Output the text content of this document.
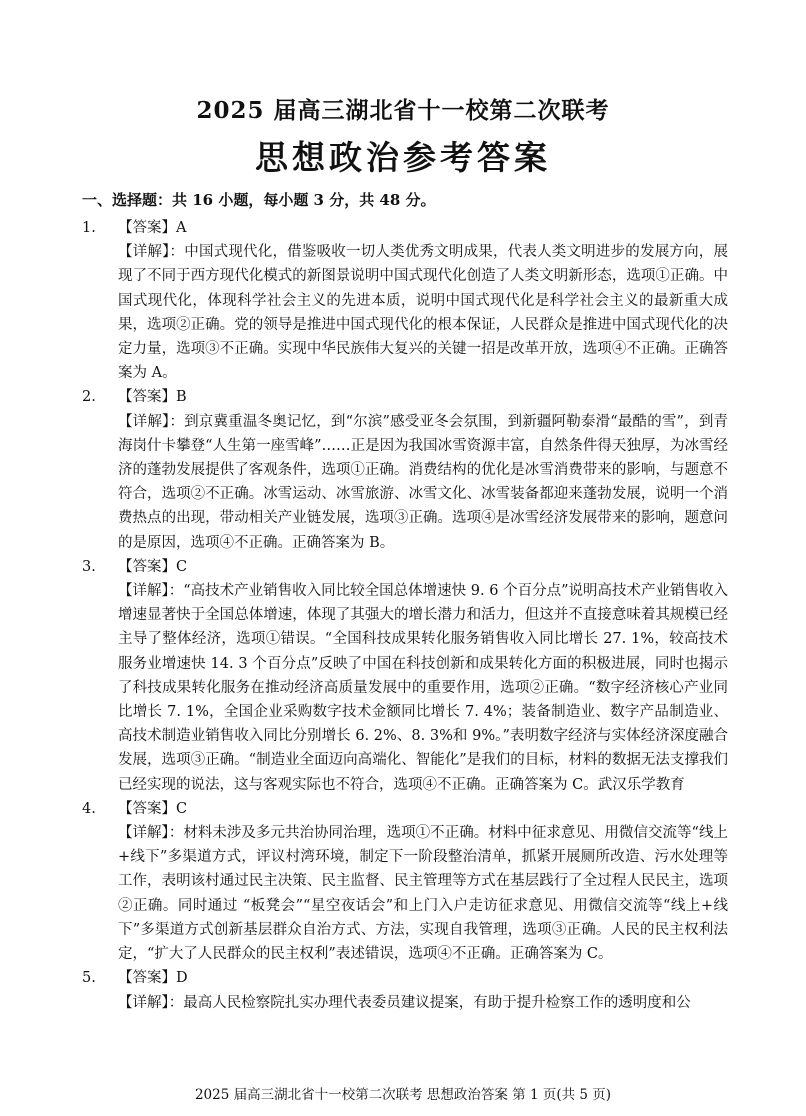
2025 届高三湖北省十一校第二次联考
思想政治参考答案
一、选择题：共 16 小题，每小题 3 分，共 48 分。
1.	【答案】A
【详解】：中国式现代化，借鉴吸收一切人类优秀文明成果，代表人类文明进步的发展方向，展现了不同于西方现代化模式的新图景说明中国式现代化创造了人类文明新形态，选项①正确。中国式现代化，体现科学社会主义的先进本质，说明中国式现代化是科学社会主义的最新重大成果，选项②正确。党的领导是推进中国式现代化的根本保证，人民群众是推进中国式现代化的决定力量，选项③不正确。实现中华民族伟大复兴的关键一招是改革开放，选项④不正确。正确答案为 A。
2.	【答案】B
【详解】：到京冀重温冬奥记忆，到“尔滨”感受亚冬会氛围，到新疆阿勒泰滑“最酷的雪”，到青海岗什卡攀登“人生第一座雪峰”……正是因为我国冰雪资源丰富，自然条件得天独厚，为冰雪经济的蓬勃发展提供了客观条件，选项①正确。消费结构的优化是冰雪消费带来的影响，与题意不符合，选项②不正确。冰雪运动、冰雪旅游、冰雪文化、冰雪装备都迎来蓬勃发展，说明一个消费热点的出现，带动相关产业链发展，选项③正确。选项④是冰雪经济发展带来的影响，题意问的是原因，选项④不正确。正确答案为 B。
3.	【答案】C
【详解】：“高技术产业销售收入同比较全国总体增速快 9. 6 个百分点”说明高技术产业销售收入增速显著快于全国总体增速，体现了其强大的增长潜力和活力，但这并不直接意味着其规模已经主导了整体经济，选项①错误。“全国科技成果转化服务销售收入同比增长 27. 1%，较高技术服务业增速快 14. 3 个百分点”反映了中国在科技创新和成果转化方面的积极进展，同时也揭示了科技成果转化服务在推动经济高质量发展中的重要作用，选项②正确。“数字经济核心产业同比增长 7. 1%，全国企业采购数字技术金额同比增长 7. 4%；装备制造业、数字产品制造业、高技术制造业销售收入同比分别增长 6. 2%、8. 3%和 9%。”表明数字经济与实体经济深度融合发展，选项③正确。“制造业全面迈向高端化、智能化”是我们的目标，材料的数据无法支撑我们已经实现的说法，这与客观实际也不符合，选项④不正确。正确答案为 C。武汉乐学教育
4.	【答案】C
【详解】：材料未涉及多元共治协同治理，选项①不正确。材料中征求意见、用微信交流等“线上+线下”多渠道方式，评议村湾环境，制定下一阶段整治清单，抓紧开展厕所改造、污水处理等工作，表明该村通过民主决策、民主监督、民主管理等方式在基层践行了全过程人民民主，选项②正确。同时通过 “板凳会”“星空夜话会”和上门入户走访征求意见、用微信交流等“线上+线下”多渠道方式创新基层群众自治方式、方法，实现自我管理，选项③正确。人民的民主权利法定，“扩大了人民群众的民主权利”表述错误，选项④不正确。正确答案为 C。
5.	【答案】D
【详解】：最高人民检察院扎实办理代表委员建议提案，有助于提升检察工作的透明度和公
2025 届高三湖北省十一校第二次联考 思想政治答案 第 1 页(共 5 页)
